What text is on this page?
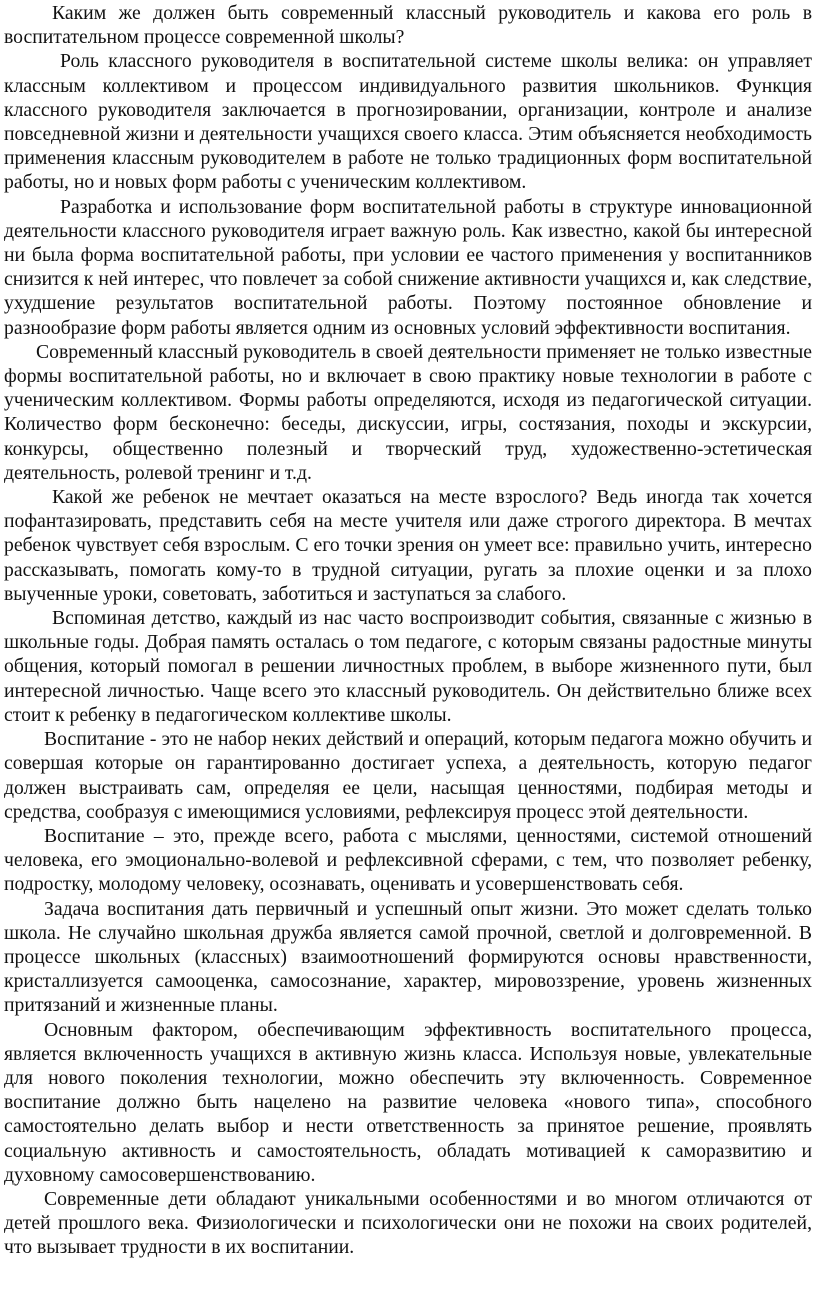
Каким же должен быть современный классный руководитель и какова его роль в воспитательном процессе современной школы?

Роль классного руководителя в воспитательной системе школы велика: он управляет классным коллективом и процессом индивидуального развития школьников. Функция классного руководителя заключается в прогнозировании, организации, контроле и анализе повседневной жизни и деятельности учащихся своего класса. Этим объясняется необходимость применения классным руководителем в работе не только традиционных форм воспитательной работы, но и новых форм работы с ученическим коллективом.

Разработка и использование форм воспитательной работы в структуре инновационной деятельности классного руководителя играет важную роль. Как известно, какой бы интересной ни была форма воспитательной работы, при условии ее частого применения у воспитанников снизится к ней интерес, что повлечет за собой снижение активности учащихся и, как следствие, ухудшение результатов воспитательной работы. Поэтому постоянное обновление и разнообразие форм работы является одним из основных условий эффективности воспитания.

Современный классный руководитель в своей деятельности применяет не только известные формы воспитательной работы, но и включает в свою практику новые технологии в работе с ученическим коллективом. Формы работы определяются, исходя из педагогической ситуации. Количество форм бесконечно: беседы, дискуссии, игры, состязания, походы и экскурсии, конкурсы, общественно полезный и творческий труд, художественно-эстетическая деятельность, ролевой тренинг и т.д.

Какой же ребенок не мечтает оказаться на месте взрослого? Ведь иногда так хочется пофантазировать, представить себя на месте учителя или даже строгого директора. В мечтах ребенок чувствует себя взрослым. С его точки зрения он умеет все: правильно учить, интересно рассказывать, помогать кому-то в трудной ситуации, ругать за плохие оценки и за плохо выученные уроки, советовать, заботиться и заступаться за слабого.

Вспоминая детство, каждый из нас часто воспроизводит события, связанные с жизнью в школьные годы. Добрая память осталась о том педагоге, с которым связаны радостные минуты общения, который помогал в решении личностных проблем, в выборе жизненного пути, был интересной личностью. Чаще всего это классный руководитель. Он действительно ближе всех стоит к ребенку в педагогическом коллективе школы.

Воспитание - это не набор неких действий и операций, которым педагога можно обучить и совершая которые он гарантированно достигает успеха, а деятельность, которую педагог должен выстраивать сам, определяя ее цели, насыщая ценностями, подбирая методы и средства, сообразуя с имеющимися условиями, рефлексируя процесс этой деятельности.

Воспитание – это, прежде всего, работа с мыслями, ценностями, системой отношений человека, его эмоционально-волевой и рефлексивной сферами, с тем, что позволяет ребенку, подростку, молодому человеку, осознавать, оценивать и усовершенствовать себя.

Задача воспитания дать первичный и успешный опыт жизни. Это может сделать только школа. Не случайно школьная дружба является самой прочной, светлой и долговременной. В процессе школьных (классных) взаимоотношений формируются основы нравственности, кристаллизуется самооценка, самосознание, характер, мировоззрение, уровень жизненных притязаний и жизненные планы.

Основным фактором, обеспечивающим эффективность воспитательного процесса, является включенность учащихся в активную жизнь класса. Используя новые, увлекательные для нового поколения технологии, можно обеспечить эту включенность. Современное воспитание должно быть нацелено на развитие человека «нового типа», способного самостоятельно делать выбор и нести ответственность за принятое решение, проявлять социальную активность и самостоятельность, обладать мотивацией к саморазвитию и духовному самосовершенствованию.

Современные дети обладают уникальными особенностями и во многом отличаются от детей прошлого века. Физиологически и психологически они не похожи на своих родителей, что вызывает трудности в их воспитании.
